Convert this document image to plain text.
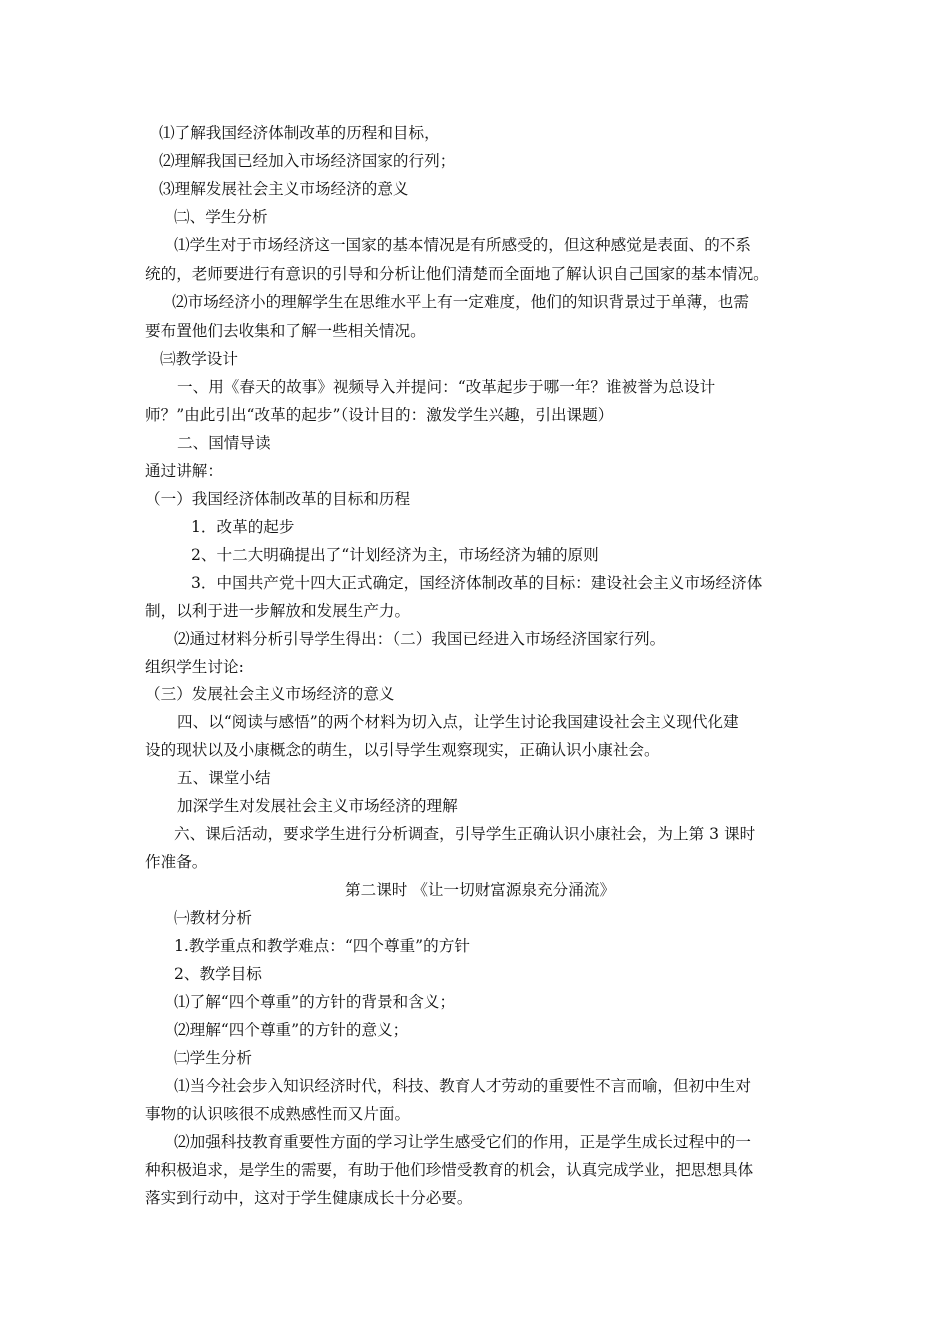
⑴了解我国经济体制改革的历程和目标，
⑵理解我国已经加入市场经济国家的行列；
⑶理解发展社会主义市场经济的意义
㈡、学生分析
⑴学生对于市场经济这一国家的基本情况是有所感受的，但这种感觉是表面、的不系
统的，老师要进行有意识的引导和分析让他们清楚而全面地了解认识自己国家的基本情况。
⑵市场经济小的理解学生在思维水平上有一定难度，他们的知识背景过于单薄，也需
要布置他们去收集和了解一些相关情况。
㈢教学设计
一、用《春天的故事》视频导入并提问：“改革起步于哪一年？谁被誉为总设计
师？”由此引出“改革的起步”（设计目的：激发学生兴趣，引出课题）
二、国情导读
通过讲解：
（一）我国经济体制改革的目标和历程
1．改革的起步
2、十二大明确提出了“计划经济为主，市场经济为辅的原则
3．中国共产党十四大正式确定，国经济体制改革的目标：建设社会主义市场经济体
制，以利于进一步解放和发展生产力。
⑵通过材料分析引导学生得出：（二）我国已经进入市场经济国家行列。
组织学生讨论:
（三）发展社会主义市场经济的意义
四、以“阅读与感悟”的两个材料为切入点，让学生讨论我国建设社会主义现代化建
设的现状以及小康概念的萌生，以引导学生观察现实，正确认识小康社会。
五、课堂小结
加深学生对发展社会主义市场经济的理解
六、课后活动，要求学生进行分析调查，引导学生正确认识小康社会，为上第 3 课时
作准备。
第二课时 《让一切财富源泉充分涌流》
㈠教材分析
1.教学重点和教学难点：“四个尊重”的方针
2、教学目标
⑴了解“四个尊重”的方针的背景和含义；
⑵理解“四个尊重”的方针的意义；
㈡学生分析
⑴当今社会步入知识经济时代，科技、教育人才劳动的重要性不言而喻，但初中生对
事物的认识咳很不成熟感性而又片面。
⑵加强科技教育重要性方面的学习让学生感受它们的作用，正是学生成长过程中的一
种积极追求，是学生的需要，有助于他们珍惜受教育的机会，认真完成学业，把思想具体
落实到行动中，这对于学生健康成长十分必要。
